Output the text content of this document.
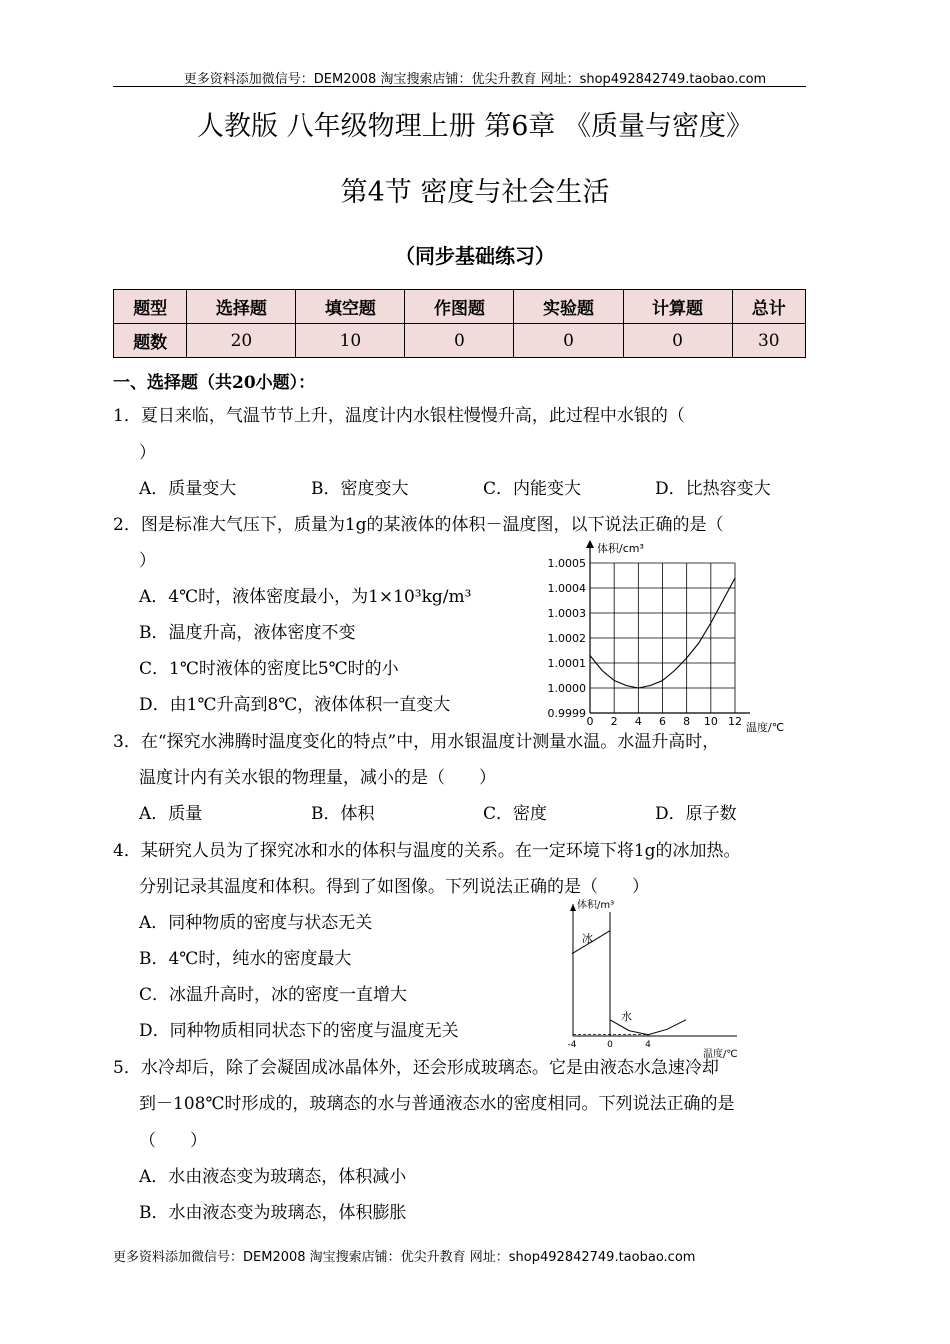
更多资料添加微信号：DEM2008 淘宝搜索店铺：优尖升教育 网址：shop492842749.taobao.com
人教版 八年级物理上册 第6章 《质量与密度》
第4节 密度与社会生活
（同步基础练习）
题型	选择题	填空题	作图题	实验题	计算题	总计
题数	20	10	0	0	0	30
一、选择题（共20小题）：
1．夏日来临，气温节节上升，温度计内水银柱慢慢升高，此过程中水银的（
）
A．质量变大	B．密度变大	C．内能变大	D．比热容变大
2．图是标准大气压下，质量为1g的某液体的体积－温度图，以下说法正确的是（
）
A．4℃时，液体密度最小，为1×10³kg/m³
B．温度升高，液体密度不变
C．1℃时液体的密度比5℃时的小
D．由1℃升高到8℃，液体体积一直变大
0 2 4 6 8 10 12
0.9999
1.0000
1.0001
1.0002
1.0003
1.0004
1.0005
体积/cm³
温度/℃
3．在“探究水沸腾时温度变化的特点”中，用水银温度计测量水温。水温升高时，
温度计内有关水银的物理量，减小的是（　　）
A．质量	B．体积	C．密度	D．原子数
4．某研究人员为了探究冰和水的体积与温度的关系。在一定环境下将1g的冰加热。
分别记录其温度和体积。得到了如图像。下列说法正确的是（　　）
A．同种物质的密度与状态无关
B．4℃时，纯水的密度最大
C．冰温升高时，冰的密度一直增大
D．同种物质相同状态下的密度与温度无关
-4	0	4
体积/m³
温度/℃
冰
水
5．水冷却后，除了会凝固成冰晶体外，还会形成玻璃态。它是由液态水急速冷却
到－108℃时形成的，玻璃态的水与普通液态水的密度相同。下列说法正确的是
（　　）
A．水由液态变为玻璃态，体积减小
B．水由液态变为玻璃态，体积膨胀
更多资料添加微信号：DEM2008 淘宝搜索店铺：优尖升教育 网址：shop492842749.taobao.com
